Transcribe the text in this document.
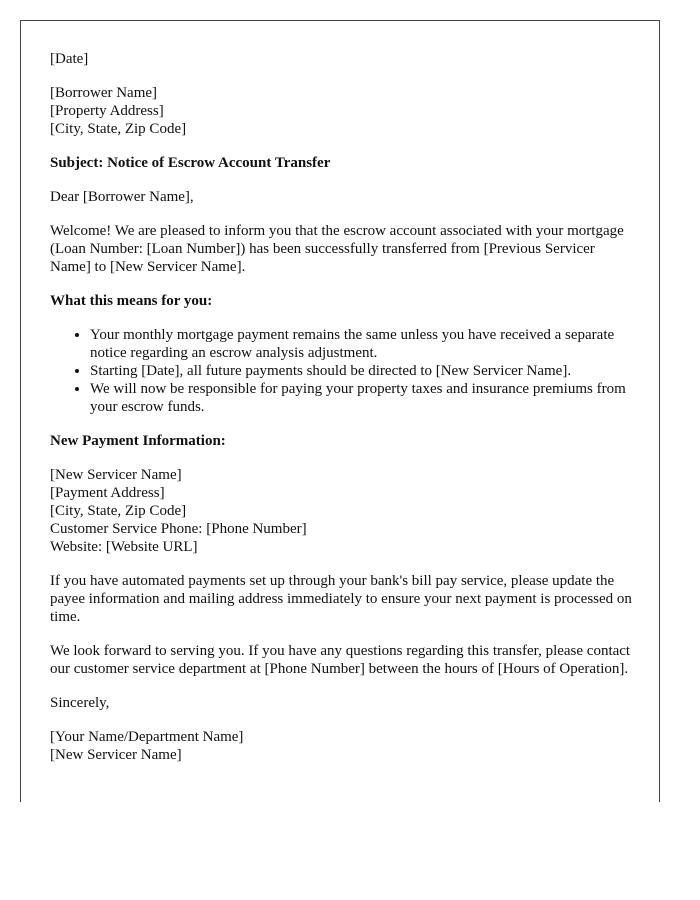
[Date]
[Borrower Name]
[Property Address]
[City, State, Zip Code]
Subject: Notice of Escrow Account Transfer
Dear [Borrower Name],

Welcome! We are pleased to inform you that the escrow account associated with your mortgage (Loan Number: [Loan Number]) has been successfully transferred from [Previous Servicer Name] to [New Servicer Name].

What this means for you:
• Your monthly mortgage payment remains the same unless you have received a separate notice regarding an escrow analysis adjustment.
• Starting [Date], all future payments should be directed to [New Servicer Name].
• We will now be responsible for paying your property taxes and insurance premiums from your escrow funds.
New Payment Information:
[New Servicer Name]
[Payment Address]
[City, State, Zip Code]
Customer Service Phone: [Phone Number]
Website: [Website URL]

If you have automated payments set up through your bank's bill pay service, please update the payee information and mailing address immediately to ensure your next payment is processed on time.

We look forward to serving you. If you have any questions regarding this transfer, please contact our customer service department at [Phone Number] between the hours of [Hours of Operation].

Sincerely,
[Your Name/Department Name]
[New Servicer Name]
